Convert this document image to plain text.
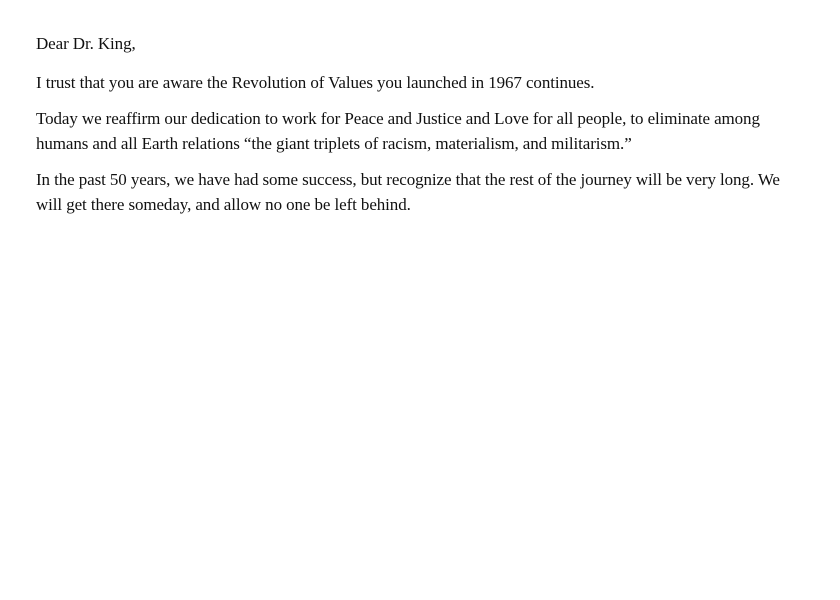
Dear Dr. King,

I trust that you are aware the Revolution of Values you launched in 1967 continues.

Today we reaffirm our dedication to work for Peace and Justice and Love for all people, to eliminate among humans and all Earth relations “the giant triplets of racism, materialism, and militarism.”

In the past 50 years, we have had some success, but recognize that the rest of the journey will be very long. We will get there someday, and allow no one be left behind.
